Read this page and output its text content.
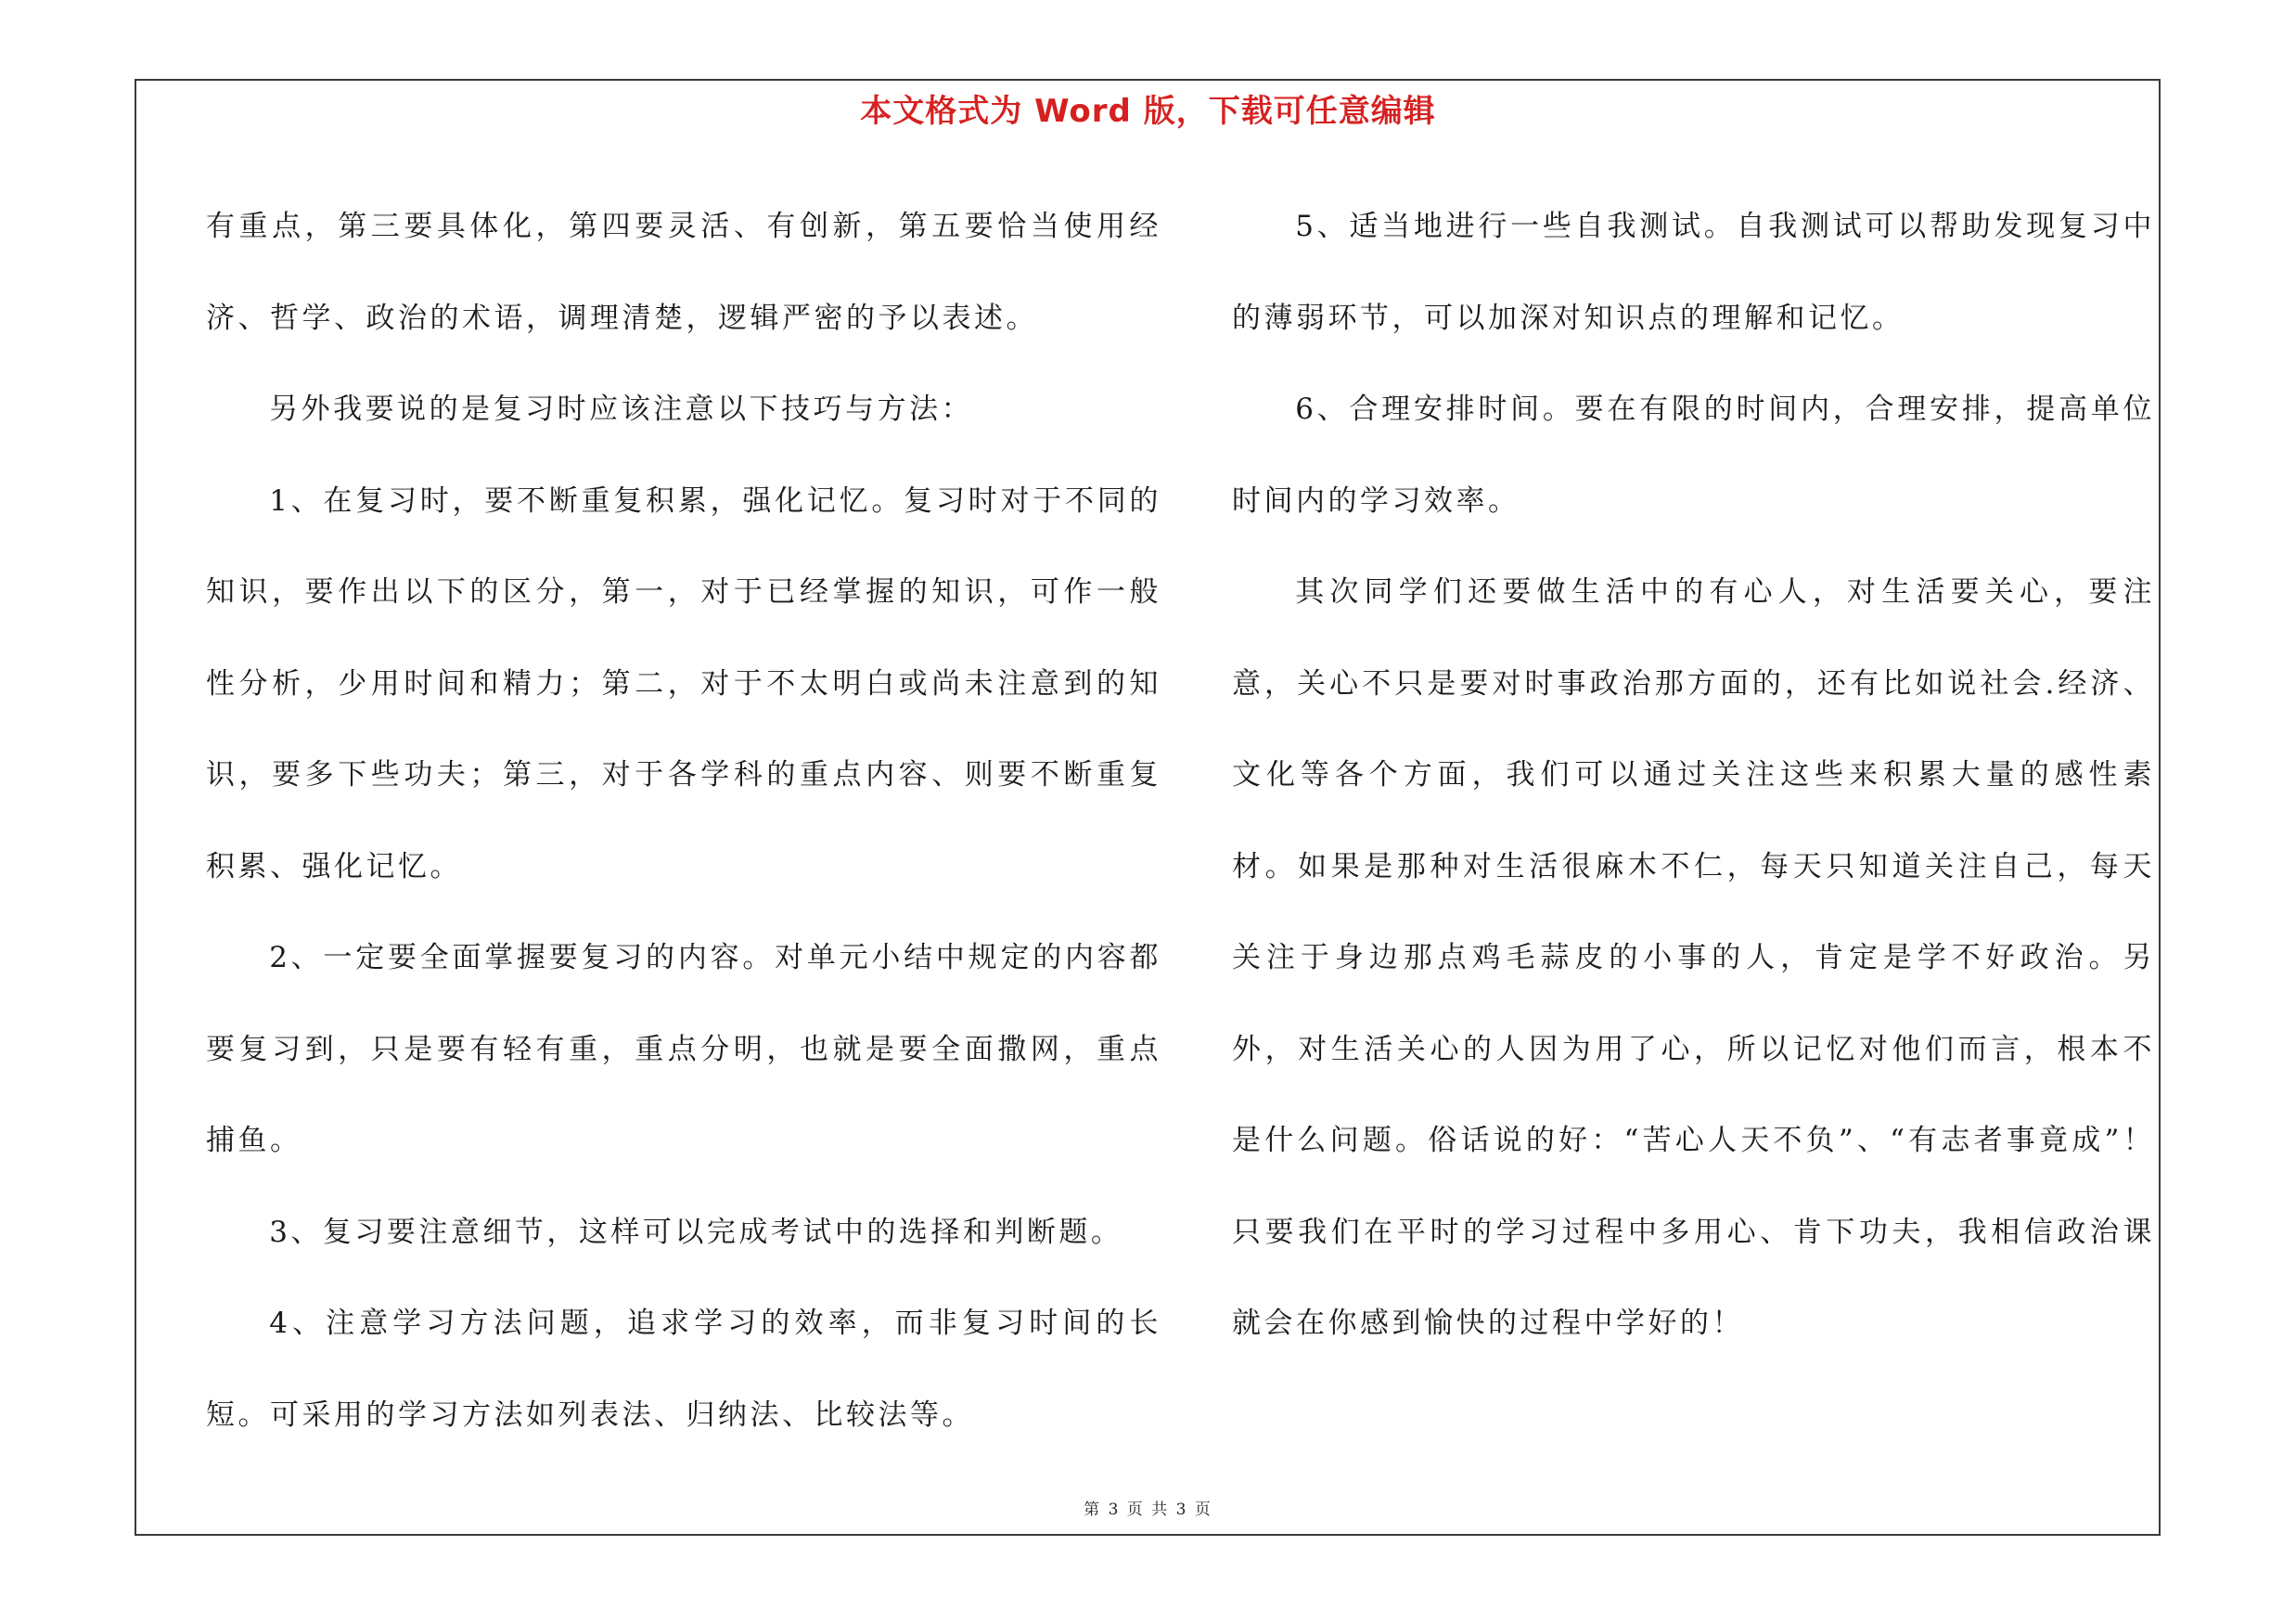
本文格式为 Word 版，下载可任意编辑

有重点，第三要具体化，第四要灵活、有创新，第五要恰当使用经济、哲学、政治的术语，调理清楚，逻辑严密的予以表述。

另外我要说的是复习时应该注意以下技巧与方法：

1、在复习时，要不断重复积累，强化记忆。复习时对于不同的知识，要作出以下的区分，第一，对于已经掌握的知识，可作一般性分析，少用时间和精力；第二，对于不太明白或尚未注意到的知识，要多下些功夫；第三，对于各学科的重点内容、则要不断重复积累、强化记忆。

2、一定要全面掌握要复习的内容。对单元小结中规定的内容都要复习到，只是要有轻有重，重点分明，也就是要全面撒网，重点捕鱼。

3、复习要注意细节，这样可以完成考试中的选择和判断题。

4、注意学习方法问题，追求学习的效率，而非复习时间的长短。可采用的学习方法如列表法、归纳法、比较法等。

5、适当地进行一些自我测试。自我测试可以帮助发现复习中的薄弱环节，可以加深对知识点的理解和记忆。

6、合理安排时间。要在有限的时间内，合理安排，提高单位时间内的学习效率。

其次同学们还要做生活中的有心人，对生活要关心，要注意，关心不只是要对时事政治那方面的，还有比如说社会.经济、文化等各个方面，我们可以通过关注这些来积累大量的感性素材。如果是那种对生活很麻木不仁，每天只知道关注自己，每天关注于身边那点鸡毛蒜皮的小事的人，肯定是学不好政治。另外，对生活关心的人因为用了心，所以记忆对他们而言，根本不是什么问题。俗话说的好：“苦心人天不负”、“有志者事竟成”！只要我们在平时的学习过程中多用心、肯下功夫，我相信政治课就会在你感到愉快的过程中学好的！

第 3 页 共 3 页
